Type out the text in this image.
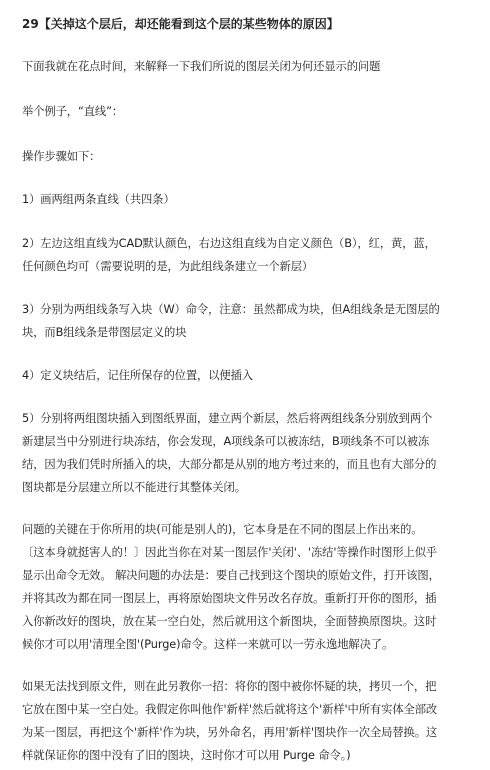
29【关掉这个层后，却还能看到这个层的某些物体的原因】
下面我就在花点时间，来解释一下我们所说的图层关闭为何还显示的问题
举个例子，“直线”：
操作步骤如下：
1）画两组两条直线（共四条）
2）左边这组直线为CAD默认颜色，右边这组直线为自定义颜色（B），红，黄，蓝，
任何颜色均可（需要说明的是，为此组线条建立一个新层）
3）分别为两组线条写入块（W）命令，注意：虽然都成为块，但A组线条是无图层的
块，而B组线条是带图层定义的块
4）定义块结后，记住所保存的位置，以便插入
5）分别将两组图块插入到图纸界面，建立两个新层，然后将两组线条分别放到两个
新建层当中分别进行块冻结，你会发现，A项线条可以被冻结，B项线条不可以被冻
结，因为我们凭时所插入的块，大部分都是从别的地方考过来的，而且也有大部分的
图块都是分层建立所以不能进行其整体关闭。
问题的关键在于你所用的块(可能是别人的)，它本身是在不同的图层上作出来的。
〔这本身就挺害人的！〕因此当你在对某一图层作'关闭'、'冻结'等操作时图形上似乎
显示出命令无效。 解决问题的办法是：要自己找到这个图块的原始文件，打开该图，
并将其改为都在同一图层上，再将原始图块文件另改名存放。重新打开你的图形，插
入你新改好的图块，放在某一空白处，然后就用这个新图块，全面替换原图块。这时
候你才可以用'清理全图'(Purge)命令。这样一来就可以一劳永逸地解决了。
如果无法找到原文件，则在此另教你一招：将你的图中被你怀疑的块，拷贝一个，把
它放在图中某一空白处。我假定你叫他作'新样'然后就将这个'新样'中所有实体全部改
为某一图层，再把这个'新样'作为块，另外命名，再用'新样'图块作一次全局替换。这
样就保证你的图中没有了旧的图块，这时你才可以用 Purge 命令。)
